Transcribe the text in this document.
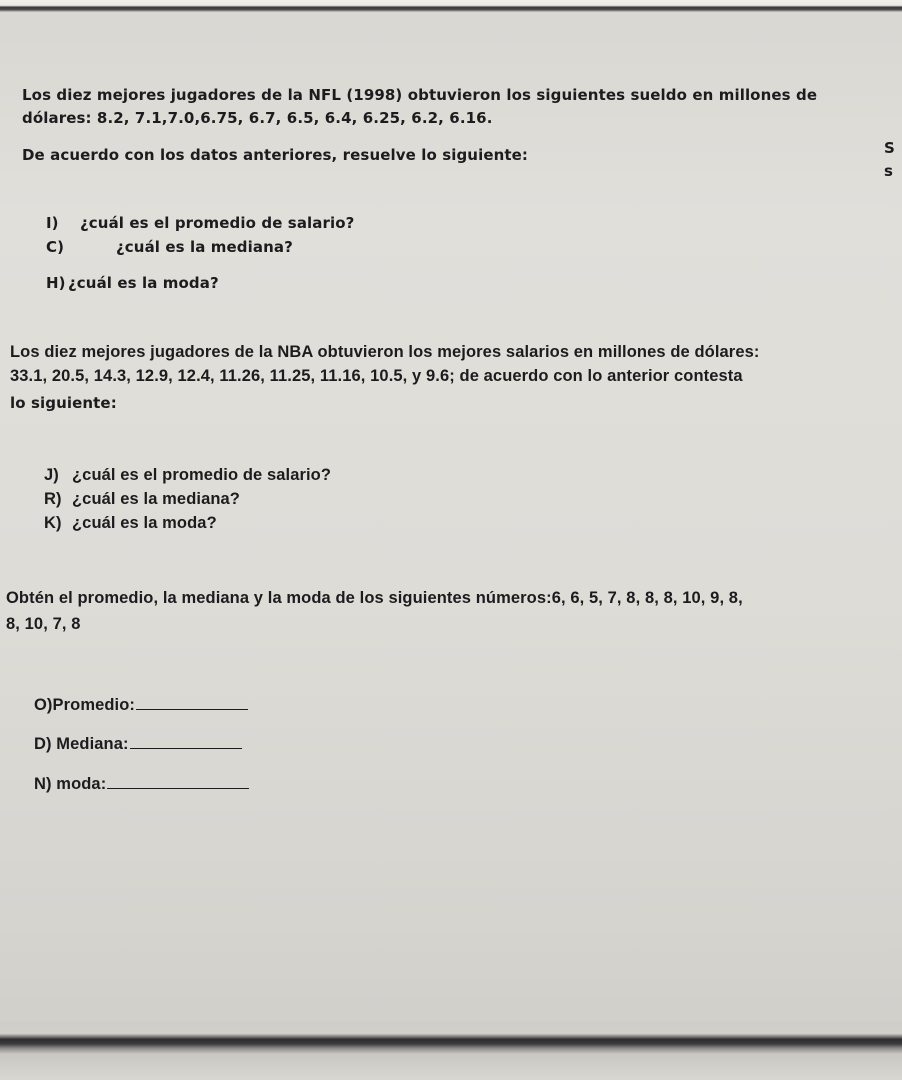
Los diez mejores jugadores de la NFL (1998) obtuvieron los siguientes sueldo en millones de

dólares: 8.2, 7.1,7.0,6.75, 6.7, 6.5, 6.4, 6.25, 6.2, 6.16.

De acuerdo con los datos anteriores, resuelve lo siguiente:	S

s

I) ¿cuál es el promedio de salario?

C)	¿cuál es la mediana?

H) ¿cuál es la moda?

Los diez mejores jugadores de la NBA obtuvieron los mejores salarios en millones de dólares:

33.1, 20.5, 14.3, 12.9, 12.4, 11.26, 11.25, 11.16, 10.5, y 9.6; de acuerdo con lo anterior contesta

lo siguiente:

J) ¿cuál es el promedio de salario?

R) ¿cuál es la mediana?

K) ¿cuál es la moda?

Obtén el promedio, la mediana y la moda de los siguientes números:6, 6, 5, 7, 8, 8, 8, 10, 9, 8,

8, 10, 7, 8

O)Promedio:
D) Mediana:
N) moda:
